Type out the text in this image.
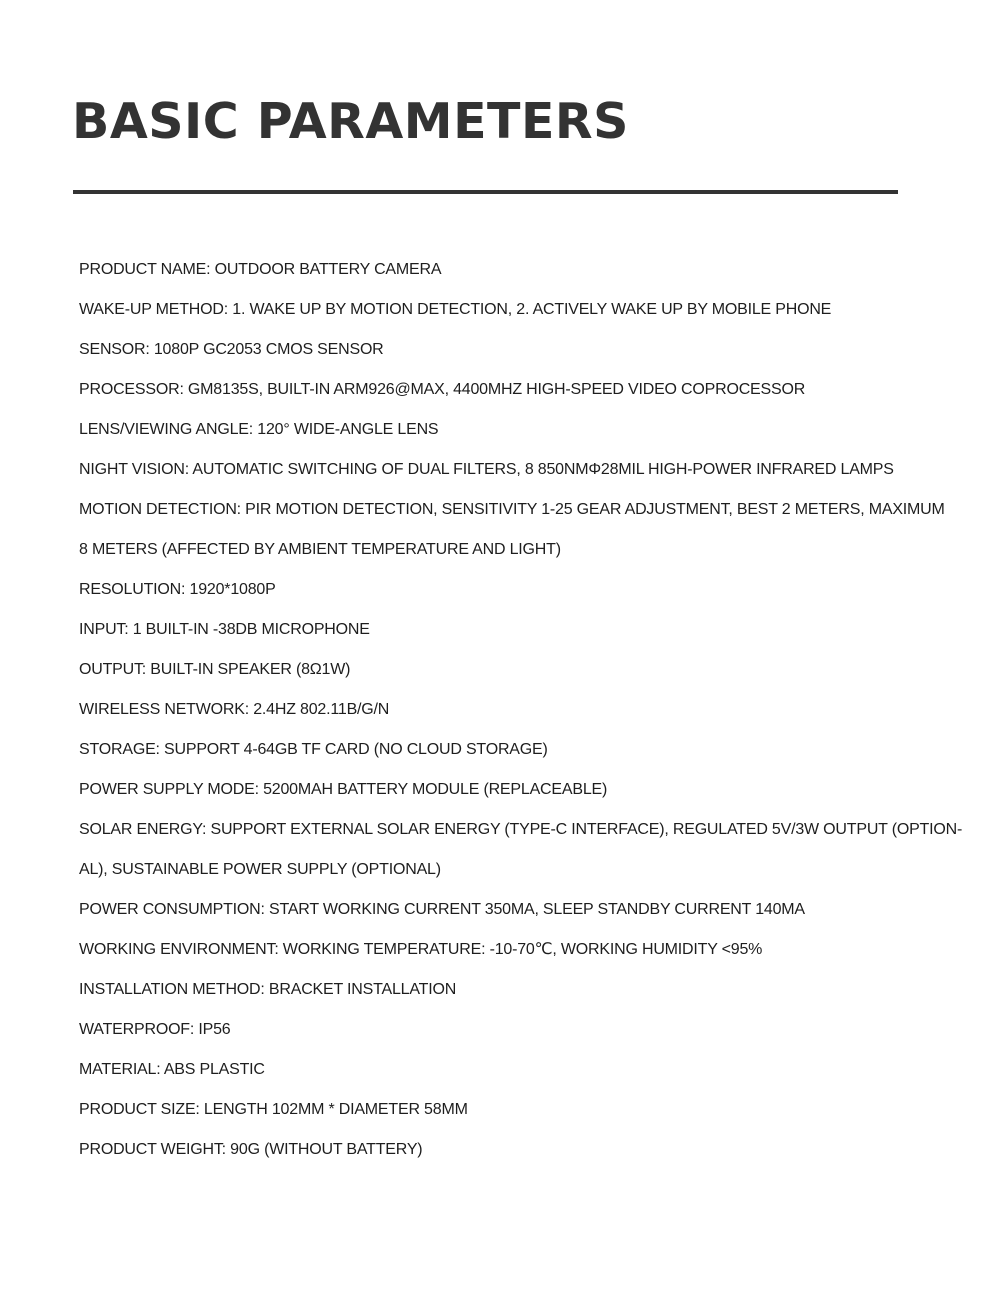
BASIC PARAMETERS
PRODUCT NAME: OUTDOOR BATTERY CAMERA
WAKE-UP METHOD: 1. WAKE UP BY MOTION DETECTION, 2. ACTIVELY WAKE UP BY MOBILE PHONE
SENSOR: 1080P GC2053 CMOS SENSOR
PROCESSOR: GM8135S, BUILT-IN ARM926@MAX, 4400MHZ HIGH-SPEED VIDEO COPROCESSOR
LENS/VIEWING ANGLE: 120° WIDE-ANGLE LENS
NIGHT VISION: AUTOMATIC SWITCHING OF DUAL FILTERS, 8 850NMΦ28MIL HIGH-POWER INFRARED LAMPS
MOTION DETECTION: PIR MOTION DETECTION, SENSITIVITY 1-25 GEAR ADJUSTMENT, BEST 2 METERS, MAXIMUM
8 METERS (AFFECTED BY AMBIENT TEMPERATURE AND LIGHT)
RESOLUTION: 1920*1080P
INPUT: 1 BUILT-IN -38DB MICROPHONE
OUTPUT: BUILT-IN SPEAKER (8Ω1W)
WIRELESS NETWORK: 2.4HZ 802.11B/G/N
STORAGE: SUPPORT 4-64GB TF CARD (NO CLOUD STORAGE)
POWER SUPPLY MODE: 5200MAH BATTERY MODULE (REPLACEABLE)
SOLAR ENERGY: SUPPORT EXTERNAL SOLAR ENERGY (TYPE-C INTERFACE), REGULATED 5V/3W OUTPUT (OPTION-
AL), SUSTAINABLE POWER SUPPLY (OPTIONAL)
POWER CONSUMPTION: START WORKING CURRENT 350MA, SLEEP STANDBY CURRENT 140MA
WORKING ENVIRONMENT: WORKING TEMPERATURE: -10-70℃, WORKING HUMIDITY <95%
INSTALLATION METHOD: BRACKET INSTALLATION
WATERPROOF: IP56
MATERIAL: ABS PLASTIC
PRODUCT SIZE: LENGTH 102MM * DIAMETER 58MM
PRODUCT WEIGHT: 90G (WITHOUT BATTERY)
